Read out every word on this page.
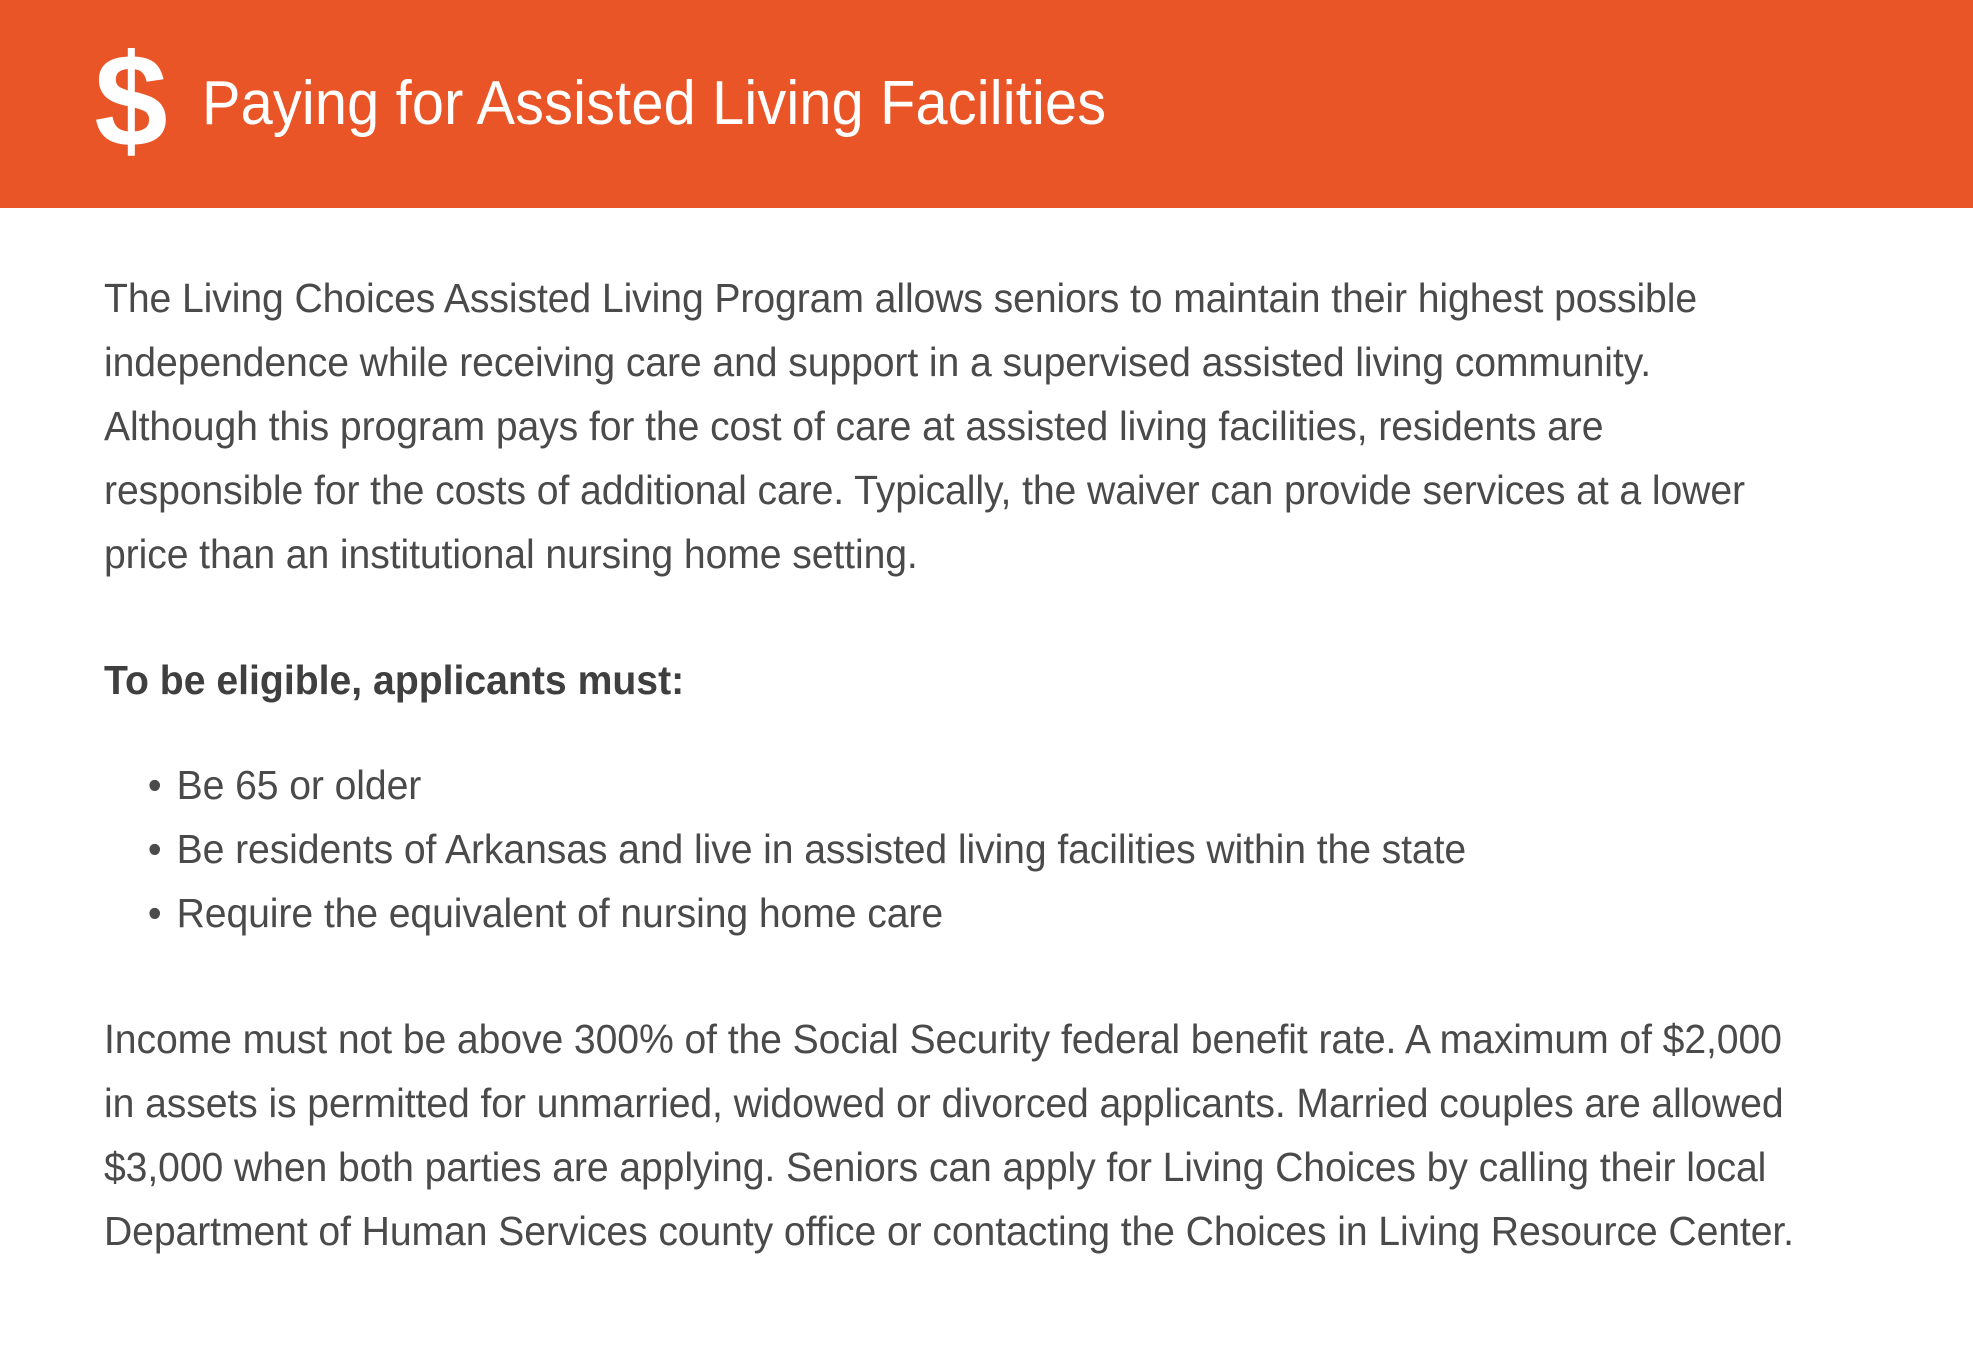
$ Paying for Assisted Living Facilities

The Living Choices Assisted Living Program allows seniors to maintain their highest possible independence while receiving care and support in a supervised assisted living community. Although this program pays for the cost of care at assisted living facilities, residents are responsible for the costs of additional care. Typically, the waiver can provide services at a lower price than an institutional nursing home setting.

To be eligible, applicants must:

• Be 65 or older
• Be residents of Arkansas and live in assisted living facilities within the state
• Require the equivalent of nursing home care

Income must not be above 300% of the Social Security federal benefit rate. A maximum of $2,000 in assets is permitted for unmarried, widowed or divorced applicants. Married couples are allowed $3,000 when both parties are applying. Seniors can apply for Living Choices by calling their local Department of Human Services county office or contacting the Choices in Living Resource Center.
